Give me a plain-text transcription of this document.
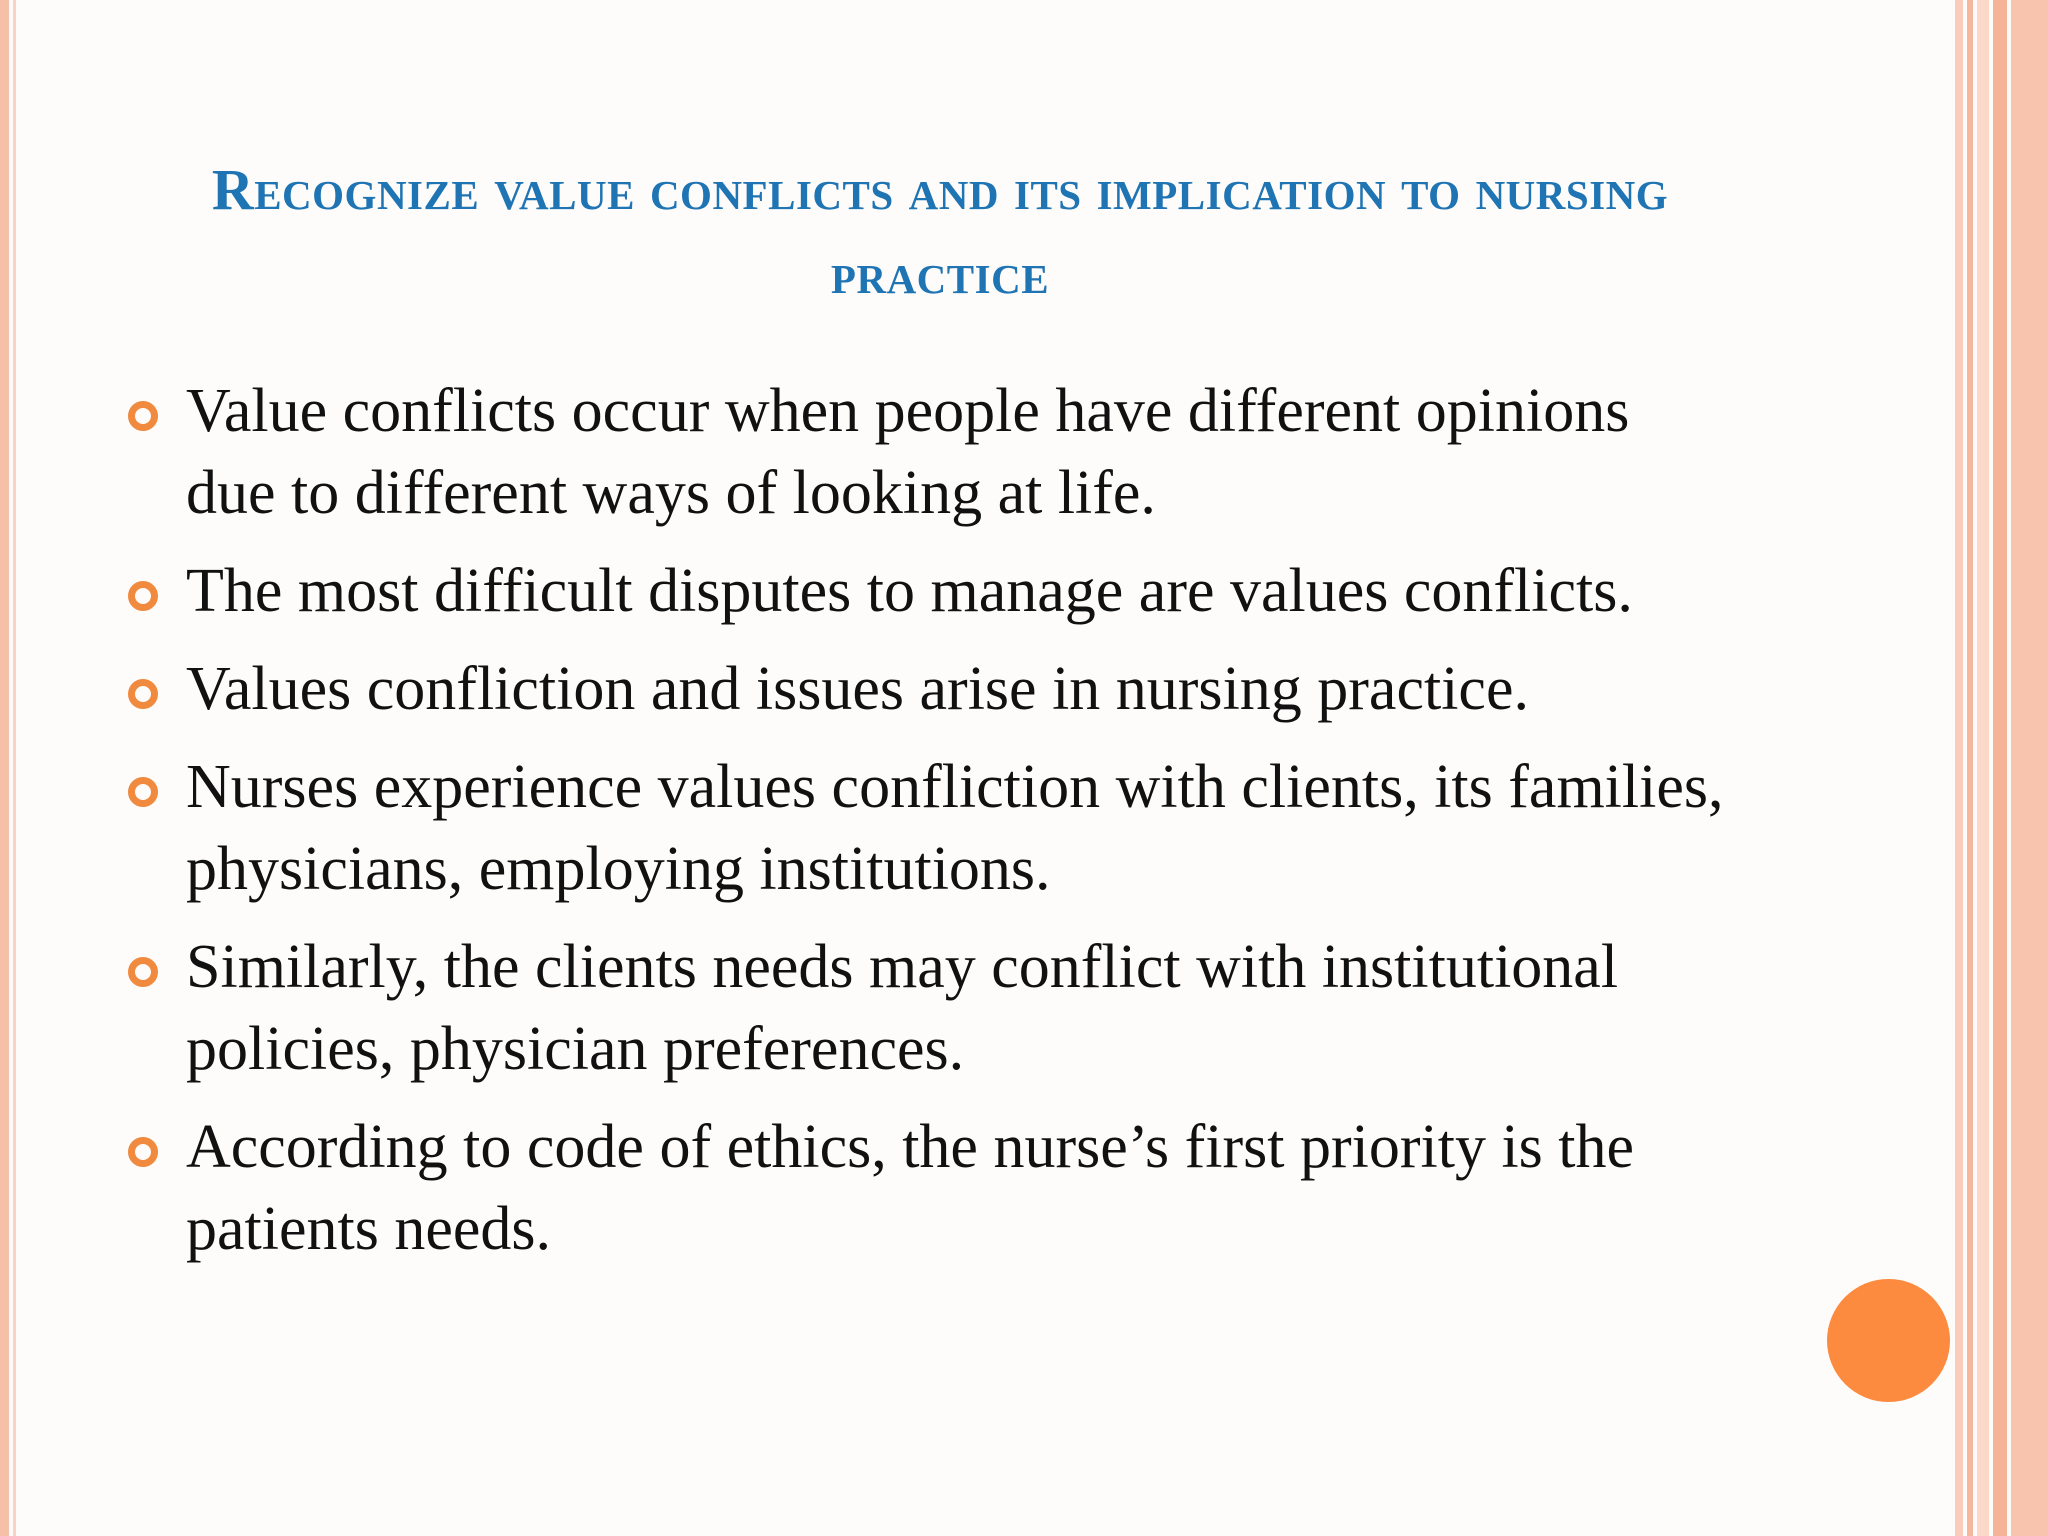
Recognize value conflicts and its implication to nursing practice
Value conflicts occur when people have different opinions due to different ways of looking at life.
The most difficult disputes to manage are values conflicts.
Values confliction and issues arise in nursing practice.
Nurses experience values confliction with clients, its families, physicians, employing institutions.
Similarly, the clients needs may conflict with institutional policies, physician preferences.
According to code of ethics, the nurse’s first priority is the patients needs.
